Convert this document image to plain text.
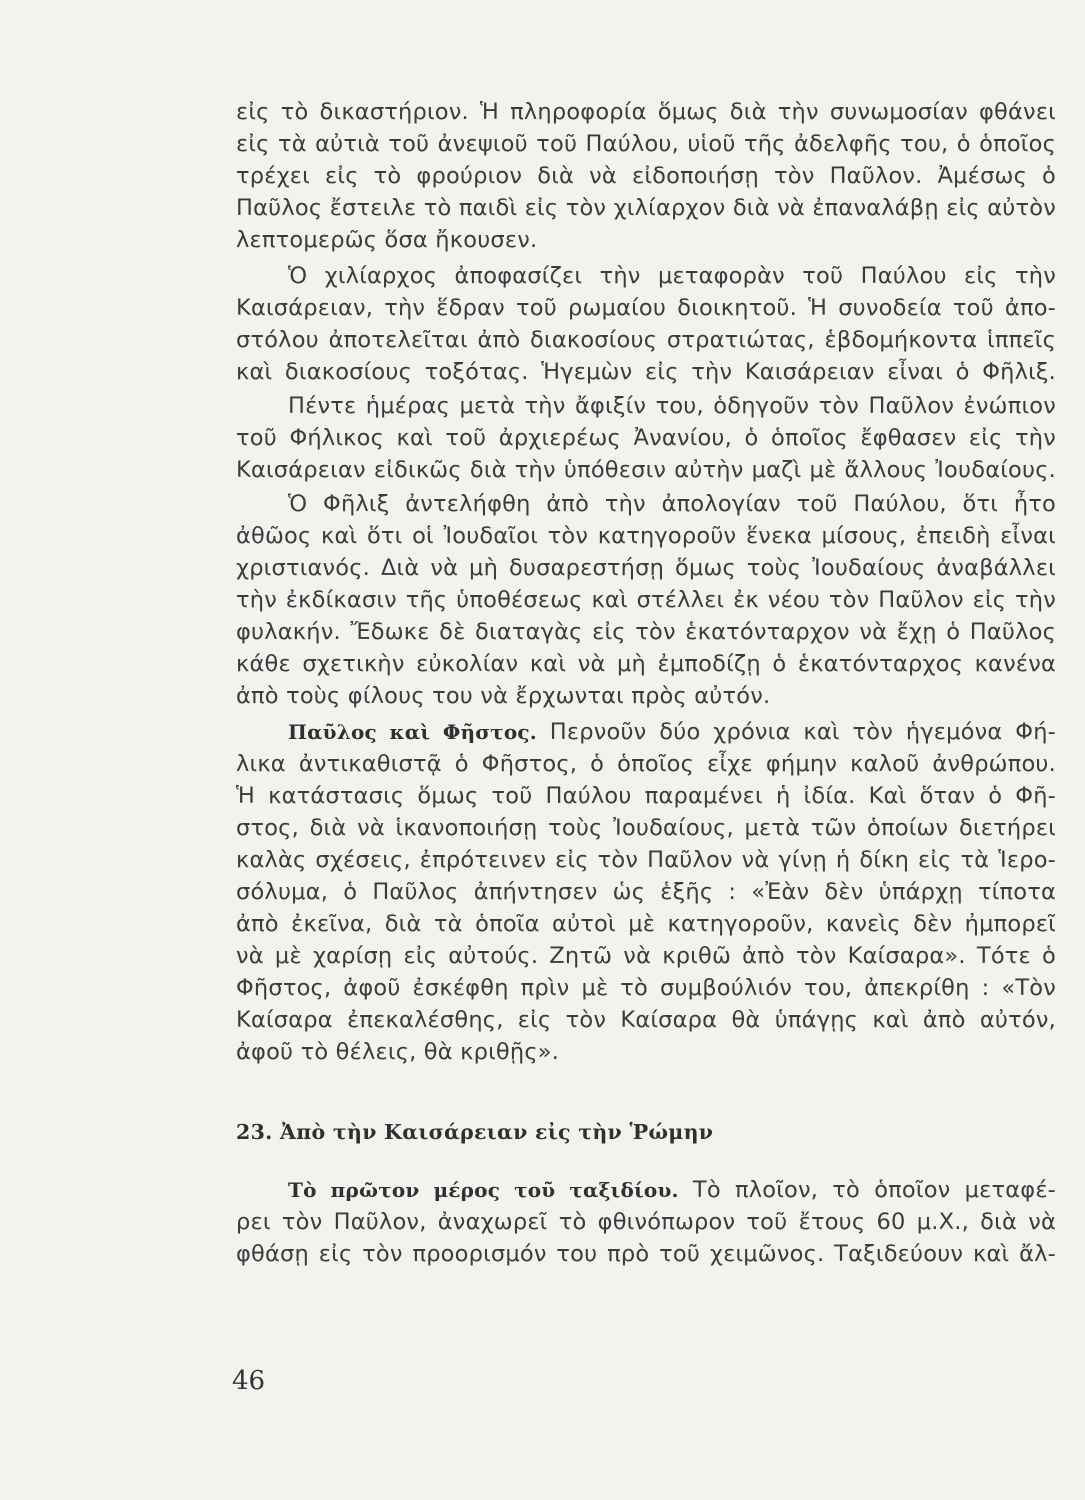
εἰς τὸ δικαστήριον. Ἡ πληροφορία ὅμως διὰ τὴν συνωμοσίαν φθάνει
εἰς τὰ αὐτιὰ τοῦ ἀνεψιοῦ τοῦ Παύλου, υἱοῦ τῆς ἀδελφῆς του, ὁ ὁποῖος
τρέχει εἰς τὸ φρούριον διὰ νὰ εἰδοποιήσῃ τὸν Παῦλον. Ἀμέσως ὁ
Παῦλος ἔστειλε τὸ παιδὶ εἰς τὸν χιλίαρχον διὰ νὰ ἐπαναλάβῃ εἰς αὐτὸν
λεπτομερῶς ὅσα ἤκουσεν.
Ὁ χιλίαρχος ἀποφασίζει τὴν μεταφορὰν τοῦ Παύλου εἰς τὴν
Καισάρειαν, τὴν ἕδραν τοῦ ρωμαίου διοικητοῦ. Ἡ συνοδεία τοῦ ἀπο-
στόλου ἀποτελεῖται ἀπὸ διακοσίους στρατιώτας, ἑβδομήκοντα ἱππεῖς
καὶ διακοσίους τοξότας. Ἡγεμὼν εἰς τὴν Καισάρειαν εἶναι ὁ Φῆλιξ.
Πέντε ἡμέρας μετὰ τὴν ἄφιξίν του, ὁδηγοῦν τὸν Παῦλον ἐνώπιον
τοῦ Φήλικος καὶ τοῦ ἀρχιερέως Ἀνανίου, ὁ ὁποῖος ἔφθασεν εἰς τὴν
Καισάρειαν εἰδικῶς διὰ τὴν ὑπόθεσιν αὐτὴν μαζὶ μὲ ἄλλους Ἰουδαίους.
Ὁ Φῆλιξ ἀντελήφθη ἀπὸ τὴν ἀπολογίαν τοῦ Παύλου, ὅτι ἦτο
ἀθῶος καὶ ὅτι οἱ Ἰουδαῖοι τὸν κατηγοροῦν ἕνεκα μίσους, ἐπειδὴ εἶναι
χριστιανός. Διὰ νὰ μὴ δυσαρεστήσῃ ὅμως τοὺς Ἰουδαίους ἀναβάλλει
τὴν ἐκδίκασιν τῆς ὑποθέσεως καὶ στέλλει ἐκ νέου τὸν Παῦλον εἰς τὴν
φυλακήν. Ἔδωκε δὲ διαταγὰς εἰς τὸν ἑκατόνταρχον νὰ ἔχῃ ὁ Παῦλος
κάθε σχετικὴν εὐκολίαν καὶ νὰ μὴ ἐμποδίζῃ ὁ ἑκατόνταρχος κανένα
ἀπὸ τοὺς φίλους του νὰ ἔρχωνται πρὸς αὐτόν.
Παῦλος καὶ Φῆστος. Περνοῦν δύο χρόνια καὶ τὸν ἡγεμόνα Φή-
λικα ἀντικαθιστᾷ ὁ Φῆστος, ὁ ὁποῖος εἶχε φήμην καλοῦ ἀνθρώπου.
Ἡ κατάστασις ὅμως τοῦ Παύλου παραμένει ἡ ἰδία. Καὶ ὅταν ὁ Φῆ-
στος, διὰ νὰ ἱκανοποιήσῃ τοὺς Ἰουδαίους, μετὰ τῶν ὁποίων διετήρει
καλὰς σχέσεις, ἐπρότεινεν εἰς τὸν Παῦλον νὰ γίνῃ ἡ δίκη εἰς τὰ Ἱερο-
σόλυμα, ὁ Παῦλος ἀπήντησεν ὡς ἑξῆς : «Ἐὰν δὲν ὑπάρχῃ τίποτα
ἀπὸ ἐκεῖνα, διὰ τὰ ὁποῖα αὐτοὶ μὲ κατηγοροῦν, κανεὶς δὲν ἠμπορεῖ
νὰ μὲ χαρίσῃ εἰς αὐτούς. Ζητῶ νὰ κριθῶ ἀπὸ τὸν Καίσαρα». Τότε ὁ
Φῆστος, ἀφοῦ ἐσκέφθη πρὶν μὲ τὸ συμβούλιόν του, ἀπεκρίθη : «Τὸν
Καίσαρα ἐπεκαλέσθης, εἰς τὸν Καίσαρα θὰ ὑπάγῃς καὶ ἀπὸ αὐτόν,
ἀφοῦ τὸ θέλεις, θὰ κριθῇς».
23. Ἀπὸ τὴν Καισάρειαν εἰς τὴν Ῥώμην
Τὸ πρῶτον μέρος τοῦ ταξιδίου. Τὸ πλοῖον, τὸ ὁποῖον μεταφέ-
ρει τὸν Παῦλον, ἀναχωρεῖ τὸ φθινόπωρον τοῦ ἔτους 60 μ.Χ., διὰ νὰ
φθάσῃ εἰς τὸν προορισμόν του πρὸ τοῦ χειμῶνος. Ταξιδεύουν καὶ ἄλ-
46
